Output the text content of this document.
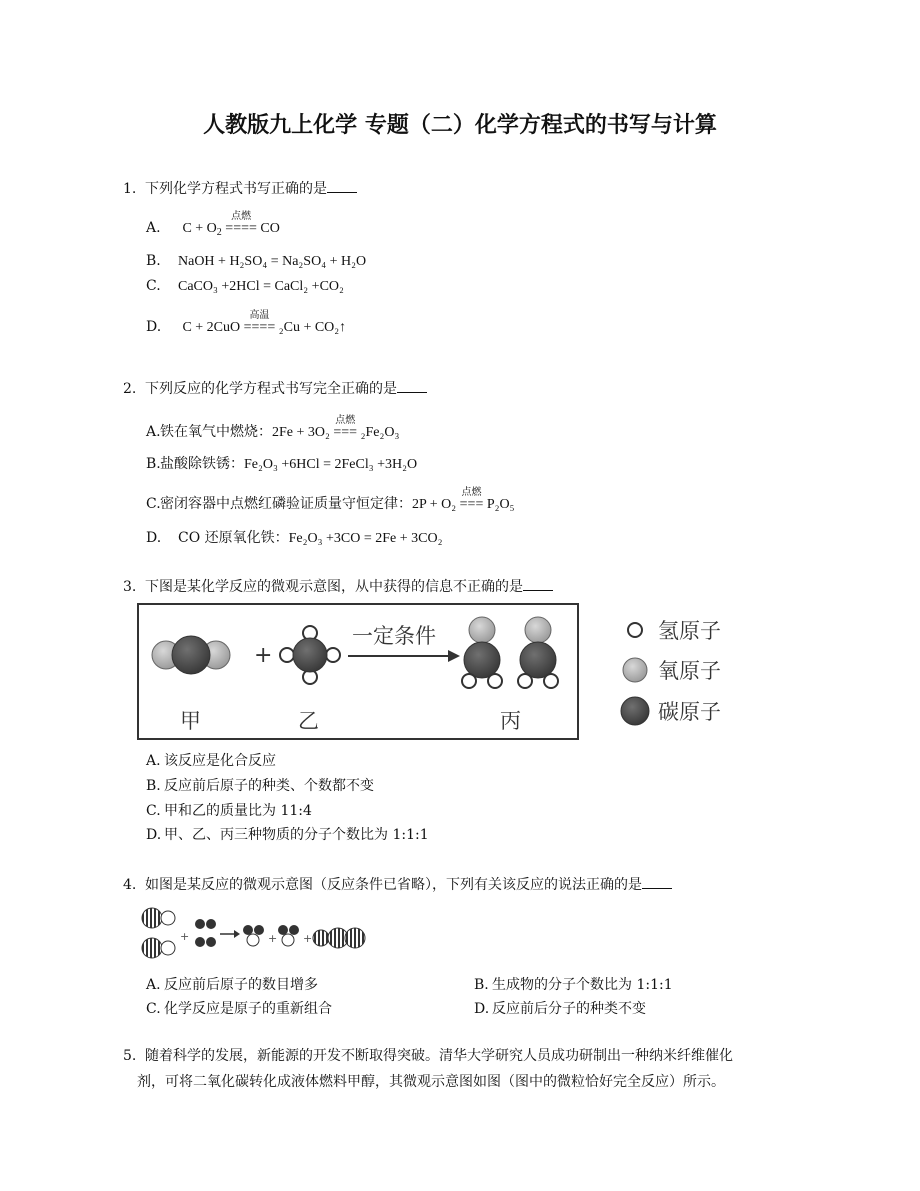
人教版九上化学 专题（二）化学方程式的书写与计算
1. 下列化学方程式书写正确的是
A. $C + O_2$
点燃
==== CO
B. NaOH + H₂SO₄ = Na₂SO₄ + H₂O
C. CaCO₃ +2HCl = CaCl₂ +CO₂
D. C + 2CuO
高温
==== ₂Cu + CO₂↑
2. 下列反应的化学方程式书写完全正确的是
A.铁在氧气中燃烧：2Fe + 3O₂
点燃
=== ₂Fe₂O₃
B.盐酸除铁锈：Fe₂O₃ +6HCl = 2FeCl₃ +3H₂O
C.密闭容器中点燃红磷验证质量守恒定律：2P + O₂
点燃
=== P₂O₅
D. CO 还原氧化铁：Fe₂O₃ +3CO = 2Fe + 3CO₂
3. 下图是某化学反应的微观示意图，从中获得的信息不正确的是
+
一定条件
甲	乙	丙
氢原子
氧原子
碳原子
A. 该反应是化合反应
B. 反应前后原子的种类、个数都不变
C. 甲和乙的质量比为 11:4
D. 甲、乙、丙三种物质的分子个数比为 1:1:1
4. 如图是某反应的微观示意图（反应条件已省略），下列有关该反应的说法正确的是
+	+ +
A. 反应前后原子的数目增多	B. 生成物的分子个数比为 1:1:1
C. 化学反应是原子的重新组合	D. 反应前后分子的种类不变
5. 随着科学的发展，新能源的开发不断取得突破。清华大学研究人员成功研制出一种纳米纤维催化
剂，可将二氧化碳转化成液体燃料甲醇，其微观示意图如图（图中的微粒恰好完全反应）所示。
